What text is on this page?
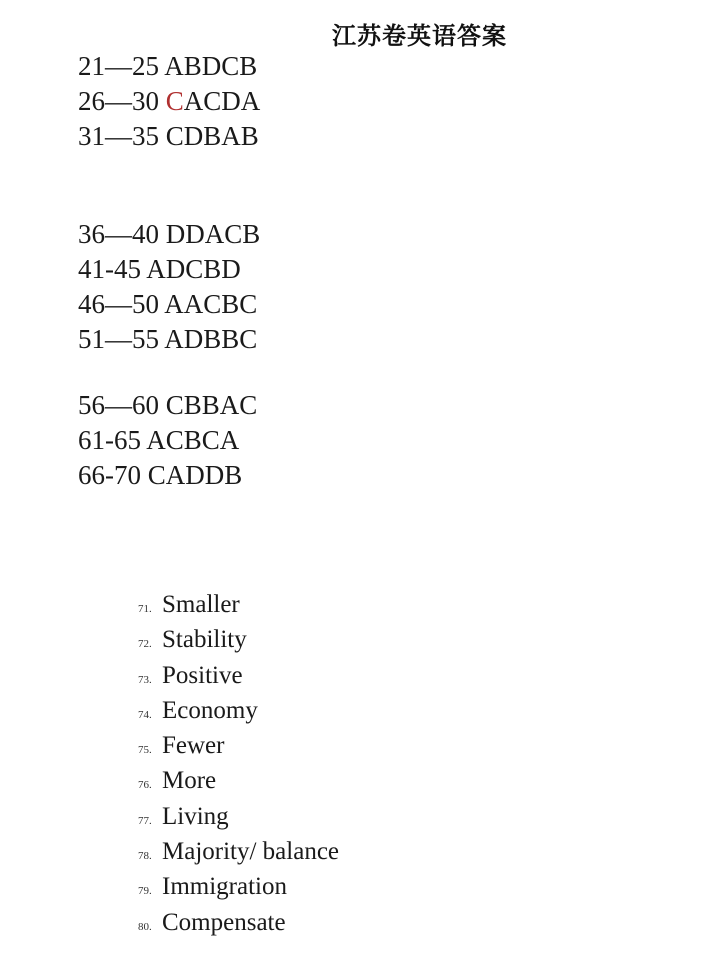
江苏卷英语答案
21—25 ABDCB
26—30 CACDA
31—35 CDBAB
36—40 DDACB
41-45 ADCBD
46—50 AACBC
51—55 ADBBC
56—60 CBBAC
61-65 ACBCA
66-70 CADDB
71. Smaller
72. Stability
73. Positive
74. Economy
75. Fewer
76. More
77. Living
78. Majority/ balance
79. Immigration
80. Compensate
